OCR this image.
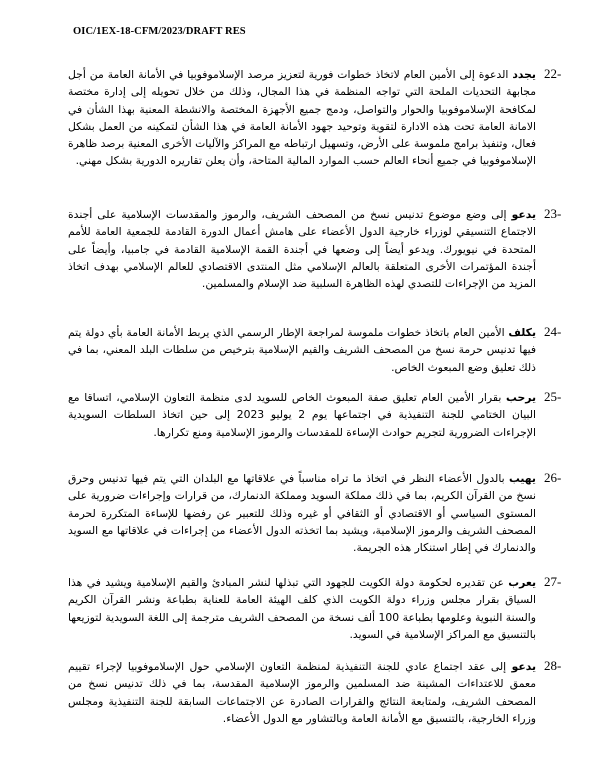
OIC/1EX-18-CFM/2023/DRAFT RES
22-
يجدد الدعوة إلى الأمين العام لاتخاذ خطوات فورية لتعزيز مرصد الإسلاموفوبيا في الأمانة العامة من أجل مجابهة التحديات الملحة التي تواجه المنظمة في هذا المجال، وذلك من خلال تحويله إلى إدارة مختصة لمكافحة الإسلاموفوبيا والحوار والتواصل، ودمج جميع الأجهزة المختصة والانشطة المعنية بهذا الشأن في الامانة العامة تحت هذه الادارة لتقوية وتوحيد جهود الأمانة العامة في هذا الشأن لتمكينه من العمل بشكل فعال، وتنفيذ برامج ملموسة على الأرض، وتسهيل ارتباطه مع المراكز والآليات الأخرى المعنية برصد ظاهرة الإسلاموفوبيا في جميع أنحاء العالم حسب الموارد المالية المتاحة، وأن يعلن تقاريره الدورية بشكل مهني.
23-
يدعو إلى وضع موضوع تدنيس نسخ من المصحف الشريف، والرموز والمقدسات الإسلامية على أجندة الاجتماع التنسيقي لوزراء خارجية الدول الأعضاء على هامش أعمال الدورة القادمة للجمعية العامة للأمم المتحدة في نيويورك. ويدعو أيضاً إلى وضعها في أجندة القمة الإسلامية القادمة في جامبيا، وأيضاً على أجندة المؤتمرات الأخرى المتعلقة بالعالم الإسلامي مثل المنتدى الاقتصادي للعالم الإسلامي بهدف اتخاذ المزيد من الإجراءات للتصدي لهذه الظاهرة السلبية ضد الإسلام والمسلمين.
24-
يكلف الأمين العام باتخاذ خطوات ملموسة لمراجعة الإطار الرسمي الذي يربط الأمانة العامة بأي دولة يتم فيها تدنيس حرمة نسخ من المصحف الشريف والقيم الإسلامية بترخيص من سلطات البلد المعني، بما في ذلك تعليق وضع المبعوث الخاص.
25-
يرحب بقرار الأمين العام تعليق صفة المبعوث الخاص للسويد لدى منظمة التعاون الإسلامي، اتساقا مع البيان الختامي للجنة التنفيذية في اجتماعها يوم 2 يوليو 2023 إلى حين اتخاذ السلطات السويدية الإجراءات الضرورية لتجريم حوادث الإساءة للمقدسات والرموز الإسلامية ومنع تكرارها.
26-
يهيب بالدول الأعضاء النظر في اتخاذ ما تراه مناسباً في علاقاتها مع البلدان التي يتم فيها تدنيس وحرق نسخ من القرآن الكريم، بما في ذلك مملكة السويد ومملكة الدنمارك، من قرارات وإجراءات ضرورية على المستوى السياسي أو الاقتصادي أو الثقافي أو غيره وذلك للتعبير عن رفضها للإساءة المتكررة لحرمة المصحف الشريف والرموز الإسلامية، ويشيد بما اتخذته الدول الأعضاء من إجراءات في علاقاتها مع السويد والدنمارك في إطار استنكار هذه الجريمة.
27-
يعرب عن تقديره لحكومة دولة الكويت للجهود التي تبذلها لنشر المبادئ والقيم الإسلامية ويشيد في هذا السياق بقرار مجلس وزراء دولة الكويت الذي كلف الهيئة العامة للعناية بطباعة ونشر القرآن الكريم والسنة النبوية وعلومها بطباعة 100 ألف نسخة من المصحف الشريف مترجمة إلى اللغة السويدية لتوزيعها بالتنسيق مع المراكز الإسلامية في السويد.
28-
يدعو إلى عقد اجتماع عادي للجنة التنفيذية لمنظمة التعاون الإسلامي حول الإسلاموفوبيا لإجراء تقييم معمق للاعتداءات المشينة ضد المسلمين والرموز الإسلامية المقدسة، بما في ذلك تدنيس نسخ من المصحف الشريف، ولمتابعة النتائج والقرارات الصادرة عن الاجتماعات السابقة للجنة التنفيذية ومجلس وزراء الخارجية، بالتنسيق مع الأمانة العامة وبالتشاور مع الدول الأعضاء.
